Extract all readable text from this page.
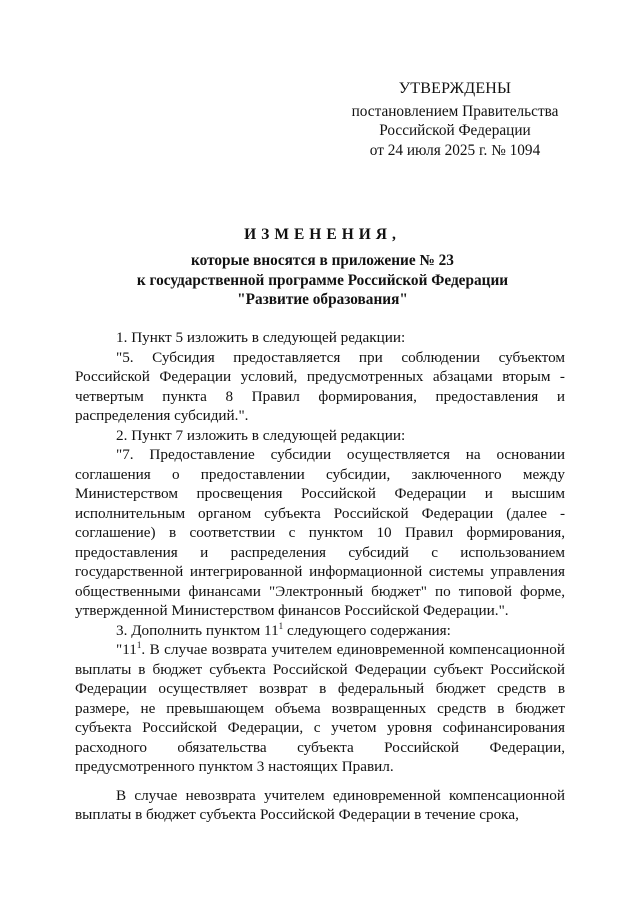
УТВЕРЖДЕНЫ
постановлением Правительства
Российской Федерации
от 24 июля 2025 г. № 1094
ИЗМЕНЕНИЯ,
которые вносятся в приложение № 23
к государственной программе Российской Федерации
"Развитие образования"

1. Пункт 5 изложить в следующей редакции:

"5. Субсидия предоставляется при соблюдении субъектом Российской Федерации условий, предусмотренных абзацами вторым - четвертым пункта 8 Правил формирования, предоставления и распределения субсидий.".

2. Пункт 7 изложить в следующей редакции:

"7. Предоставление субсидии осуществляется на основании соглашения о предоставлении субсидии, заключенного между Министерством просвещения Российской Федерации и высшим исполнительным органом субъекта Российской Федерации (далее - соглашение) в соответствии с пунктом 10 Правил формирования, предоставления и распределения субсидий с использованием государственной интегрированной информационной системы управления общественными финансами "Электронный бюджет" по типовой форме, утвержденной Министерством финансов Российской Федерации.".

3. Дополнить пунктом $11^1$ следующего содержания:

"$11^1$. В случае возврата учителем единовременной компенсационной выплаты в бюджет субъекта Российской Федерации субъект Российской Федерации осуществляет возврат в федеральный бюджет средств в размере, не превышающем объема возвращенных средств в бюджет субъекта Российской Федерации, с учетом уровня софинансирования расходного обязательства субъекта Российской Федерации, предусмотренного пунктом 3 настоящих Правил.

В случае невозврата учителем единовременной компенсационной выплаты в бюджет субъекта Российской Федерации в течение срока,
